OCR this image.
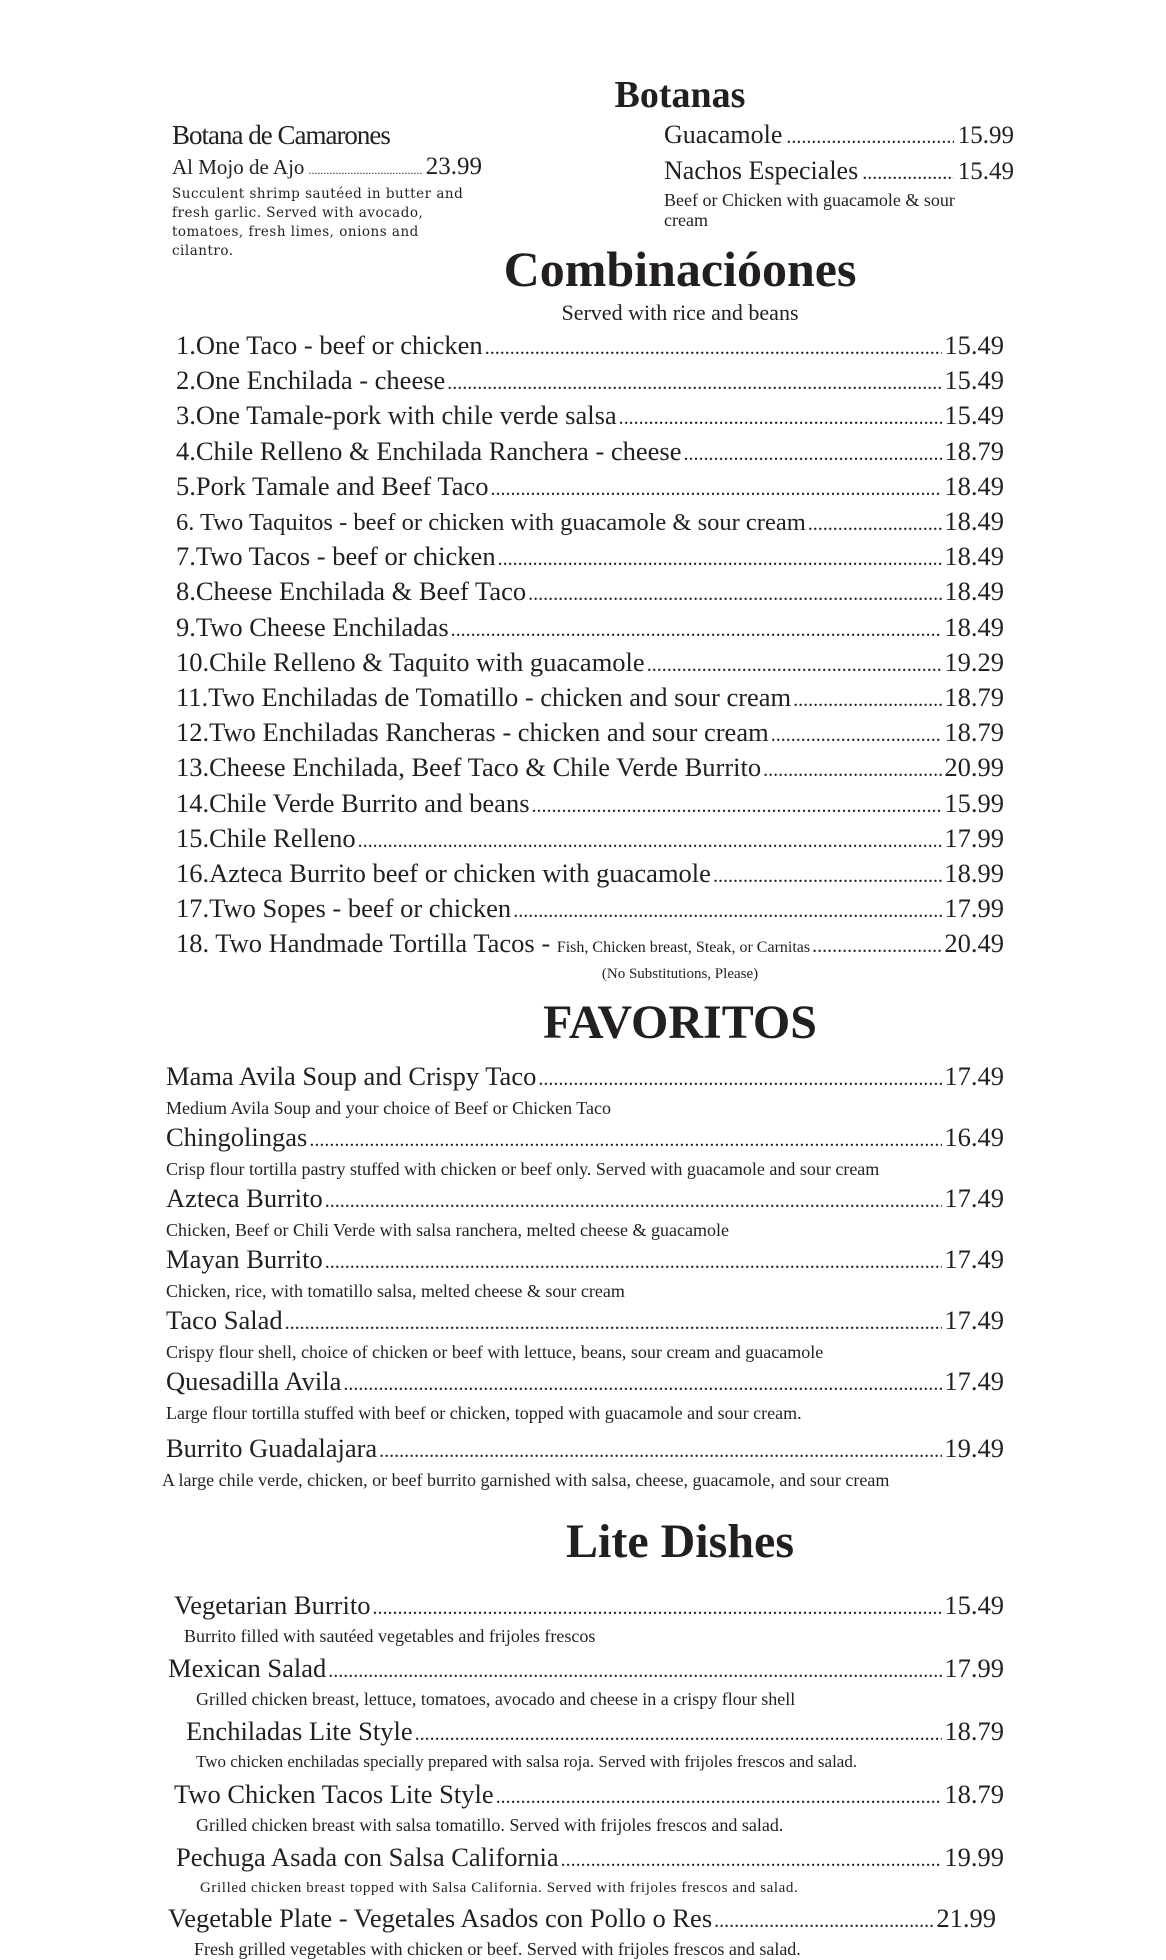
Botanas
Botana de Camarones
Al Mojo de Ajo .....	23.99
Succulent shrimp sautéed in butter and
fresh garlic. Served with avocado,
tomatoes, fresh limes, onions and
cilantro.
Guacamole .....	15.99
Nachos Especiales .....	15.49
Beef or Chicken with guacamole & sour
cream
Combinacióones
Served with rice and beans
1.One Taco - beef or chicken .....	15.49
2.One Enchilada - cheese .....	15.49
3.One Tamale-pork with chile verde salsa .....	15.49
4.Chile Relleno & Enchilada Ranchera - cheese .....	18.79
5.Pork Tamale and Beef Taco .....	18.49
6. Two Taquitos - beef or chicken with guacamole & sour cream .....	18.49
7.Two Tacos - beef or chicken .....	18.49
8.Cheese Enchilada & Beef Taco .....	18.49
9.Two Cheese Enchiladas .....	18.49
10.Chile Relleno & Taquito with guacamole .....	19.29
11.Two Enchiladas de Tomatillo - chicken and sour cream .....	18.79
12.Two Enchiladas Rancheras - chicken and sour cream .....	18.79
13.Cheese Enchilada, Beef Taco & Chile Verde Burrito .....	20.99
14.Chile Verde Burrito and beans .....	15.99
15.Chile Relleno .....	17.99
16.Azteca Burrito beef or chicken with guacamole .....	18.99
17.Two Sopes - beef or chicken .....	17.99
18. Two Handmade Tortilla Tacos - Fish, Chicken breast, Steak, or Carnitas .....	20.49
(No Substitutions, Please)
FAVORITOS
Mama Avila Soup and Crispy Taco .....	17.49
Medium Avila Soup and your choice of Beef or Chicken Taco
Chingolingas .....	16.49
Crisp flour tortilla pastry stuffed with chicken or beef only. Served with guacamole and sour cream
Azteca Burrito .....	17.49
Chicken, Beef or Chili Verde with salsa ranchera, melted cheese & guacamole
Mayan Burrito .....	17.49
Chicken, rice, with tomatillo salsa, melted cheese & sour cream
Taco Salad .....	17.49
Crispy flour shell, choice of chicken or beef with lettuce, beans, sour cream and guacamole
Quesadilla Avila .....	17.49
Large flour tortilla stuffed with beef or chicken, topped with guacamole and sour cream.
Burrito Guadalajara .....	19.49
A large chile verde, chicken, or beef burrito garnished with salsa, cheese, guacamole, and sour cream
Lite Dishes
Vegetarian Burrito .....	15.49
Burrito filled with sautéed vegetables and frijoles frescos
Mexican Salad .....	17.99
Grilled chicken breast, lettuce, tomatoes, avocado and cheese in a crispy flour shell
Enchiladas Lite Style .....	18.79
Two chicken enchiladas specially prepared with salsa roja. Served with frijoles frescos and salad.
Two Chicken Tacos Lite Style .....	18.79
Grilled chicken breast with salsa tomatillo. Served with frijoles frescos and salad.
Pechuga Asada con Salsa California .....	19.99
Grilled chicken breast topped with Salsa California. Served with frijoles frescos and salad.
Vegetable Plate - Vegetales Asados con Pollo o Res .....	21.99
Fresh grilled vegetables with chicken or beef. Served with frijoles frescos and salad.
